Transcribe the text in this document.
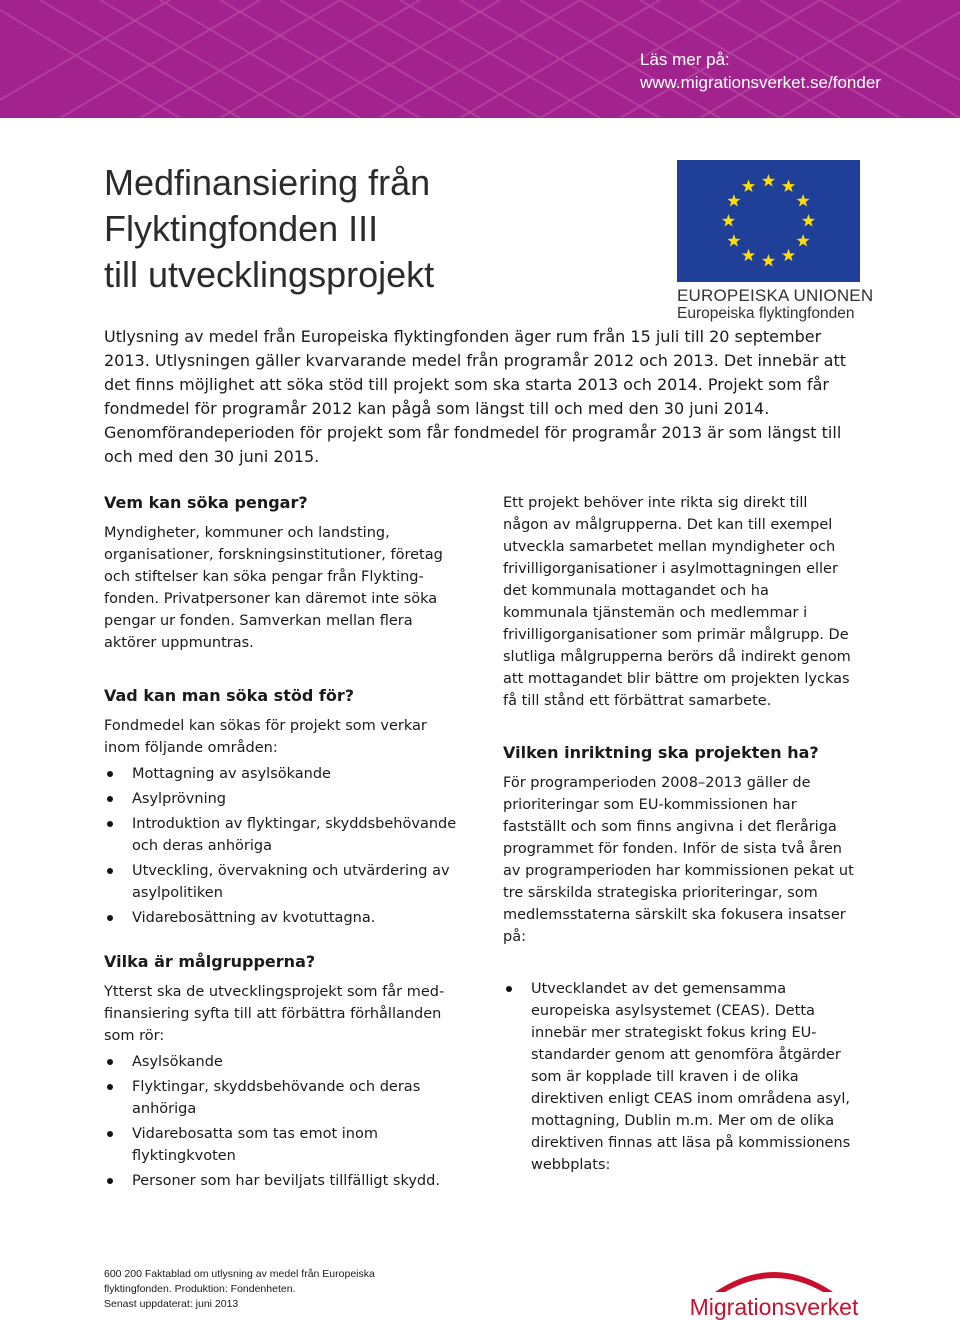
Läs mer på:
www.migrationsverket.se/fonder
Medfinansiering från
Flyktingfonden III
till utvecklingsprojekt
EUROPEISKA UNIONEN
Europeiska flyktingfonden

Utlysning av medel från Europeiska flyktingfonden äger rum från 15 juli till 20 september 2013. Utlysningen gäller kvarvarande medel från programår 2012 och 2013. Det innebär att det finns möjlighet att söka stöd till projekt som ska starta 2013 och 2014. Projekt som får fondmedel för programår 2012 kan pågå som längst till och med den 30 juni 2014. Genomförandeperioden för projekt som får fondmedel för programår 2013 är som längst till och med den 30 juni 2015.

Vem kan söka pengar?

Myndigheter, kommuner och landsting, organisationer, forskningsinstitutioner, företag och stiftelser kan söka pengar från Flykting-fonden. Privatpersoner kan däremot inte söka pengar ur fonden. Samverkan mellan flera aktörer uppmuntras.

Vad kan man söka stöd för?

Fondmedel kan sökas för projekt som verkar inom följande områden:

Mottagning av asylsökande
Asylprövning
Introduktion av flyktingar, skyddsbehövande och deras anhöriga
Utveckling, övervakning och utvärdering av asylpolitiken
Vidarebosättning av kvotuttagna.
Vilka är målgrupperna?

Ytterst ska de utvecklingsprojekt som får med-finansiering syfta till att förbättra förhållanden som rör:

Asylsökande
Flyktingar, skyddsbehövande och deras anhöriga
Vidarebosatta som tas emot inom flyktingkvoten
Personer som har beviljats tillfälligt skydd.

Ett projekt behöver inte rikta sig direkt till någon av målgrupperna. Det kan till exempel utveckla samarbetet mellan myndigheter och frivilligorganisationer i asylmottagningen eller det kommunala mottagandet och ha kommunala tjänstemän och medlemmar i frivilligorganisationer som primär målgrupp. De slutliga målgrupperna berörs då indirekt genom att mottagandet blir bättre om projekten lyckas få till stånd ett förbättrat samarbete.

Vilken inriktning ska projekten ha?

För programperioden 2008–2013 gäller de prioriteringar som EU-kommissionen har fastställt och som finns angivna i det fleråriga programmet för fonden. Inför de sista två åren av programperioden har kommissionen pekat ut tre särskilda strategiska prioriteringar, som medlemsstaterna särskilt ska fokusera insatser på:

Utvecklandet av det gemensamma europeiska asylsystemet (CEAS). Detta innebär mer strategiskt fokus kring EU-standarder genom att genomföra åtgärder som är kopplade till kraven i de olika direktiven enligt CEAS inom områdena asyl, mottagning, Dublin m.m. Mer om de olika direktiven finnas att läsa på kommissionens webbplats:
600 200 Faktablad om utlysning av medel från Europeiska
flyktingfonden. Produktion: Fondenheten.
Senast uppdaterat: juni 2013	Migrationsverket
